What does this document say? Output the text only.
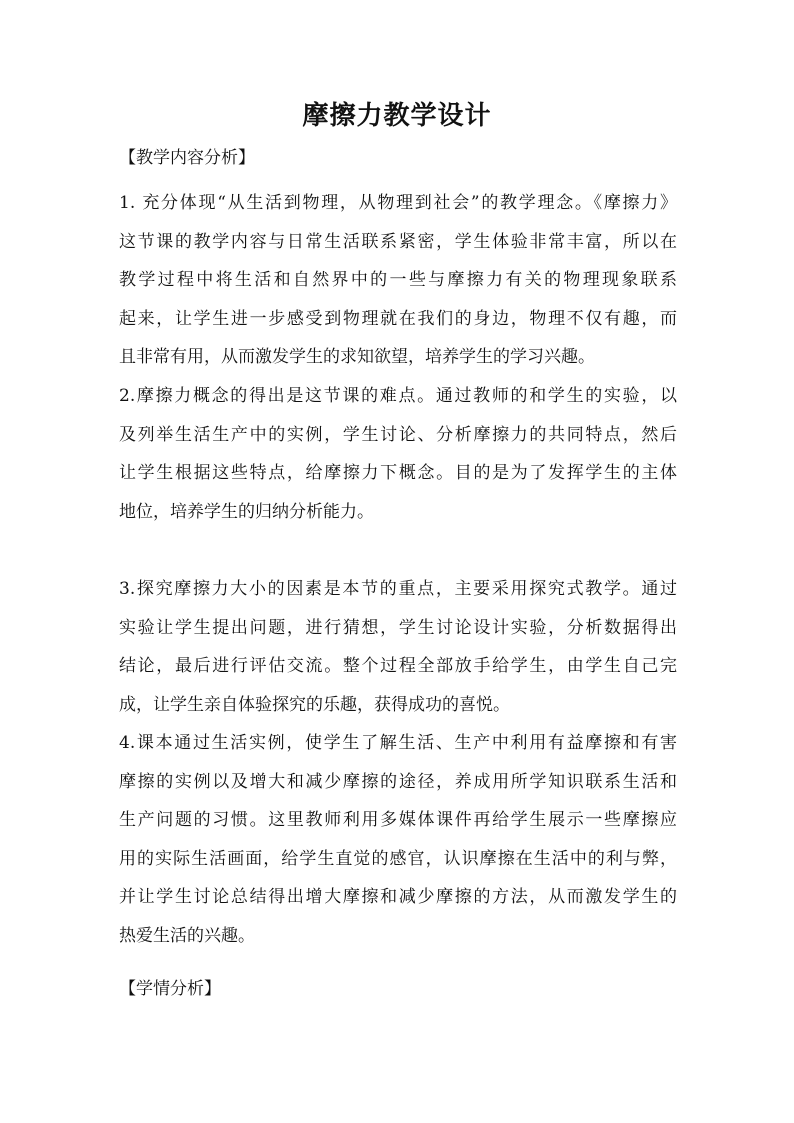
摩擦力教学设计
【教学内容分析】
1. 充分体现“从生活到物理，从物理到社会”的教学理念。《摩擦力》
这节课的教学内容与日常生活联系紧密，学生体验非常丰富，所以在
教学过程中将生活和自然界中的一些与摩擦力有关的物理现象联系
起来，让学生进一步感受到物理就在我们的身边，物理不仅有趣，而
且非常有用，从而激发学生的求知欲望，培养学生的学习兴趣。
2.摩擦力概念的得出是这节课的难点。通过教师的和学生的实验，以
及列举生活生产中的实例，学生讨论、分析摩擦力的共同特点，然后
让学生根据这些特点，给摩擦力下概念。目的是为了发挥学生的主体
地位，培养学生的归纳分析能力。
3.探究摩擦力大小的因素是本节的重点，主要采用探究式教学。通过
实验让学生提出问题，进行猜想，学生讨论设计实验，分析数据得出
结论，最后进行评估交流。整个过程全部放手给学生，由学生自己完
成，让学生亲自体验探究的乐趣，获得成功的喜悦。
4.课本通过生活实例，使学生了解生活、生产中利用有益摩擦和有害
摩擦的实例以及增大和减少摩擦的途径，养成用所学知识联系生活和
生产问题的习惯。这里教师利用多媒体课件再给学生展示一些摩擦应
用的实际生活画面，给学生直觉的感官，认识摩擦在生活中的利与弊，
并让学生讨论总结得出增大摩擦和减少摩擦的方法，从而激发学生的
热爱生活的兴趣。
【学情分析】
